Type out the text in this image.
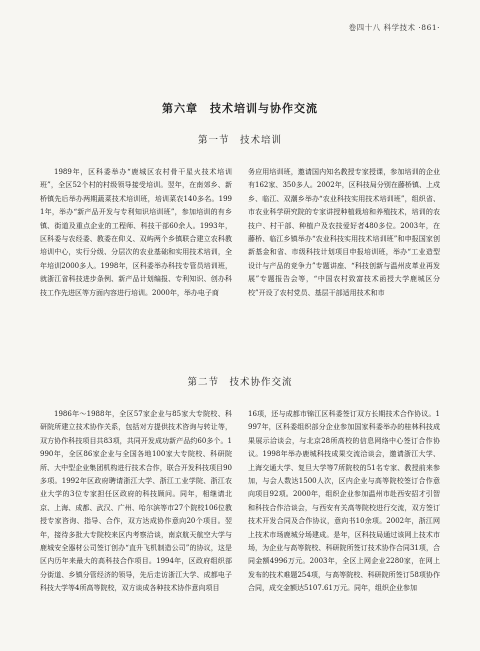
卷四十八 科学技术 ·861·
第六章　技术培训与协作交流
第一节　技术培训

1989年，区科委举办“鹿城区农村骨干星火技术培训班”，全区52个村的村级领导接受培训。翌年，在南郊乡、新桥镇先后举办两期蔬菜技术培训班，培训菜农140多名。1991年，举办“新产品开发与专利知识培训班”，参加培训的有乡镇、街道及重点企业的工程师、科技干部60余人。1993年，区科委与农经委、教委在仰义、双屿两个乡镇联合建立农科教培训中心，实行分级、分层次的农业基础和实用技术培训，全年培训2000多人。1998年，区科委举办科技专管员培训班，就浙江省科技进步条例、新产品计划编报、专利知识、创办科技工作先进区等方面内容进行培训。2000年，举办电子商

务应用培训班，邀请国内知名教授专家授课，参加培训的企业有162家、350多人。2002年，区科技局分别在藤桥镇、上戍乡、临江、双潮乡举办“农业科技实用技术培训班”，组织省、市农业科学研究院的专家讲授种植栽培和养殖技术，培训的农技户、村干部、种植户及农技爱好者480多位。2003年，在藤桥、临江乡镇举办“农业科技实用技术培训班”和申报国家创新基金和省、市级科技计划项目申报培训班，举办“工业造型设计与产品的竞争力”专题讲座、“科技创新与温州皮革业再发展”专题报告会等，“中国农村致富技术函授大学鹿城区分校”开设了农村党员、基层干部适用技术和市

第二节　技术协作交流

1986年～1988年，全区57家企业与85家大专院校、科研院所建立技术协作关系，包括对方提供技术咨询与转让等，双方协作科技项目共83项，共同开发成功新产品约60多个。1990年，全区86家企业与全国各地100家大专院校、科研院所、大中型企业集团机构进行技术合作，联合开发科技项目90多项。1992年区政府聘请浙江大学、浙江工业学院、浙江农业大学的3位专家担任区政府的科技顾问。同年，相继请北京、上海、成都、武汉、广州、哈尔滨等市27个院校106位教授专家咨询、指导、合作，双方达成协作意向20个项目。翌年，接待多批大专院校来区内考察洽谈，南京航天航空大学与鹿城安全器材公司签订创办“直升飞机制造公司”的协议，这是区内历年来最大的高科技合作项目。1994年，区政府组织部分街道、乡镇分管经济的领导，先后走访浙江大学、成都电子科技大学等4所高等院校，双方谈成各种技术协作意向项目

16项，还与成都市锦江区科委签订双方长期技术合作协议。1997年，区科委组织部分企业参加国家科委举办的桂林科技成果展示洽谈会，与北京28所高校的信息网络中心签订合作协议。1998年举办鹿城科技成果交流洽谈会，邀请浙江大学、上海交通大学、复旦大学等7所院校的51名专家、教授前来参加，与会人数达1500人次，区内企业与高等院校签订合作意向项目92项。2000年，组织企业参加温州市赴西安招才引智和科技合作洽谈会，与西安有关高等院校进行交流，双方签订技术开发合同及合作协议，意向书10余项。2002年，浙江网上技术市场鹿城分场建成。是年，区科技局通过该网上技术市场，为企业与高等院校、科研院所签订技术协作合同31项，合同金额4996万元。2003年，全区上网企业2280家，在网上发布的技术难题254项，与高等院校、科研院所签订58项协作合同，成交金额达5107.61万元。同年，组织企业参加
